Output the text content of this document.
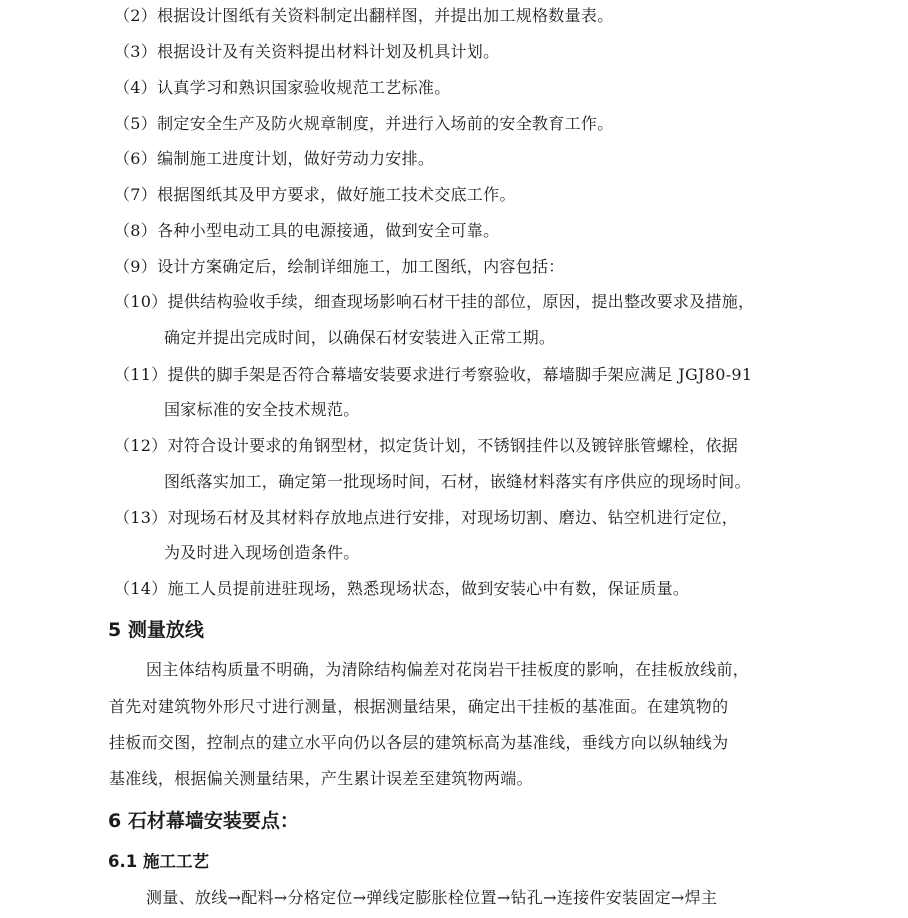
（2）根据设计图纸有关资料制定出翻样图，并提出加工规格数量表。
（3）根据设计及有关资料提出材料计划及机具计划。
（4）认真学习和熟识国家验收规范工艺标准。
（5）制定安全生产及防火规章制度，并进行入场前的安全教育工作。
（6）编制施工进度计划，做好劳动力安排。
（7）根据图纸其及甲方要求，做好施工技术交底工作。
（8）各种小型电动工具的电源接通，做到安全可靠。
（9）设计方案确定后，绘制详细施工，加工图纸，内容包括：
（10）提供结构验收手续，细查现场影响石材干挂的部位，原因，提出整改要求及措施，
确定并提出完成时间，以确保石材安装进入正常工期。
（11）提供的脚手架是否符合幕墙安装要求进行考察验收，幕墙脚手架应满足 JGJ80-91
国家标准的安全技术规范。
（12）对符合设计要求的角钢型材，拟定货计划，不锈钢挂件以及镀锌胀管螺栓，依据
图纸落实加工，确定第一批现场时间，石材，嵌缝材料落实有序供应的现场时间。
（13）对现场石材及其材料存放地点进行安排，对现场切割、磨边、钻空机进行定位，
为及时进入现场创造条件。
（14）施工人员提前进驻现场，熟悉现场状态，做到安装心中有数，保证质量。
5 测量放线
因主体结构质量不明确，为清除结构偏差对花岗岩干挂板度的影响，在挂板放线前，
首先对建筑物外形尺寸进行测量，根据测量结果，确定出干挂板的基准面。在建筑物的
挂板而交图，控制点的建立水平向仍以各层的建筑标高为基准线，垂线方向以纵轴线为
基准线，根据偏关测量结果，产生累计误差至建筑物两端。
6 石材幕墙安装要点：
6.1 施工工艺
测量、放线→配料→分格定位→弹线定膨胀栓位置→钻孔→连接件安装固定→焊主
